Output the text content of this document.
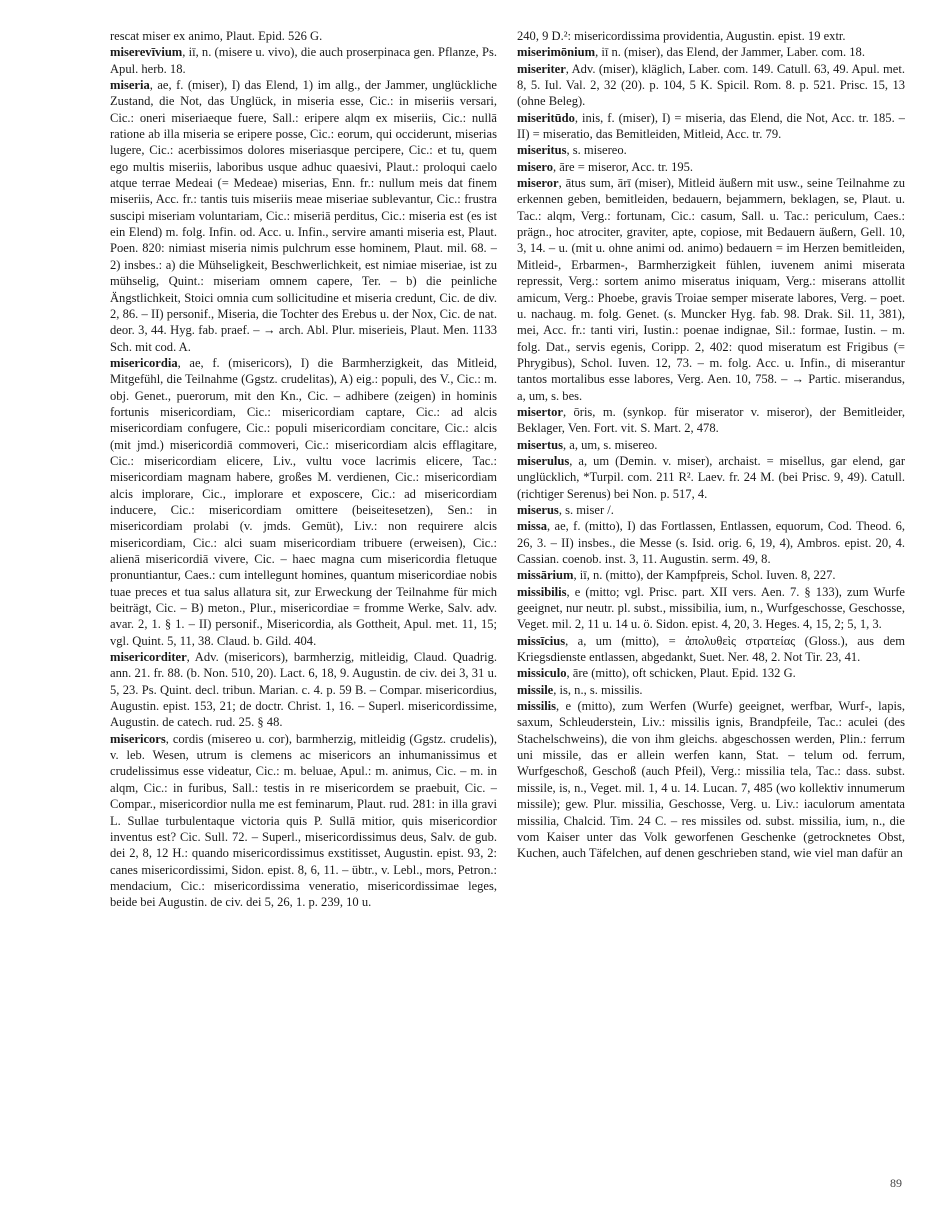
rescat miser ex animo, Plaut. Epid. 526 G.

miserevīvium, iī, n. (misere u. vivo), die auch proserpinaca gen. Pflanze, Ps. Apul. herb. 18.

miseria, ae, f. (miser), I) das Elend, 1) im allg., der Jammer, unglückliche Zustand, die Not, das Unglück, in miseria esse, Cic.: in miseriis versari, Cic.: oneri miseriaeque fuere, Sall.: eripere alqm ex miseriis, Cic.: nullā ratione ab illa miseria se eripere posse, Cic.: eorum, qui occiderunt, miserias lugere, Cic.: acerbissimos dolores miseriasque percipere, Cic.: et tu, quem ego multis miseriis, laboribus usque adhuc quaesivi, Plaut.: proloqui caelo atque terrae Medeai (= Medeae) miserias, Enn. fr.: nullum meis dat finem miseriis, Acc. fr.: tantis tuis miseriis meae miseriae sublevantur, Cic.: frustra suscipi miseriam voluntariam, Cic.: miseriā perditus, Cic.: miseria est (es ist ein Elend) m. folg. Infin. od. Acc. u. Infin., servire amanti miseria est, Plaut. Poen. 820: nimiast miseria nimis pulchrum esse hominem, Plaut. mil. 68. – 2) insbes.: a) die Mühseligkeit, Beschwerlichkeit, est nimiae miseriae, ist zu mühselig, Quint.: miseriam omnem capere, Ter. – b) die peinliche Ängstlichkeit, Stoici omnia cum sollicitudine et miseria credunt, Cic. de div. 2, 86. – II) personif., Miseria, die Tochter des Erebus u. der Nox, Cic. de nat. deor. 3, 44. Hyg. fab. praef. – → arch. Abl. Plur. miserieis, Plaut. Men. 1133 Sch. mit cod. A.

misericordia, ae, f. (misericors), I) die Barmherzigkeit, das Mitleid, Mitgefühl, die Teilnahme (Ggstz. crudelitas), A) eig.: populi, des V., Cic.: m. obj. Genet., puerorum, mit den Kn., Cic. – adhibere (zeigen) in hominis fortunis misericordiam, Cic.: misericordiam captare, Cic.: ad alcis misericordiam confugere, Cic.: populi misericordiam concitare, Cic.: alcis (mit jmd.) misericordiā commoveri, Cic.: misericordiam alcis efflagitare, Cic.: misericordiam elicere, Liv., vultu voce lacrimis elicere, Tac.: misericordiam magnam habere, großes M. verdienen, Cic.: misericordiam alcis implorare, Cic., implorare et exposcere, Cic.: ad misericordiam inducere, Cic.: misericordiam omittere (beiseitesetzen), Sen.: in misericordiam prolabi (v. jmds. Gemüt), Liv.: non requirere alcis misericordiam, Cic.: alci suam misericordiam tribuere (erweisen), Cic.: alienā misericordiā vivere, Cic. – haec magna cum misericordia fletuque pronuntiantur, Caes.: cum intellegunt homines, quantum misericordiae nobis tuae preces et tua salus allatura sit, zur Erweckung der Teilnahme für mich beiträgt, Cic. – B) meton., Plur., misericordiae = fromme Werke, Salv. adv. avar. 2, 1. § 1. – II) personif., Misericordia, als Gottheit, Apul. met. 11, 15; vgl. Quint. 5, 11, 38. Claud. b. Gild. 404.

misericorditer, Adv. (misericors), barmherzig, mitleidig, Claud. Quadrig. ann. 21. fr. 88. (b. Non. 510, 20). Lact. 6, 18, 9. Augustin. de civ. dei 3, 31 u. 5, 23. Ps. Quint. decl. tribun. Marian. c. 4. p. 59 B. – Compar. misericordius, Augustin. epist. 153, 21; de doctr. Christ. 1, 16. – Superl. misericordissime, Augustin. de catech. rud. 25. § 48.

misericors, cordis (misereo u. cor), barmherzig, mitleidig (Ggstz. crudelis), v. leb. Wesen, utrum is clemens ac misericors an inhumanissimus et crudelissimus esse videatur, Cic.: m. beluae, Apul.: m. animus, Cic. – m. in alqm, Cic.: in furibus, Sall.: testis in re misericordem se praebuit, Cic. – Compar., misericordior nulla me est feminarum, Plaut. rud. 281: in illa gravi L. Sullae turbulentaque victoria quis P. Sullā mitior, quis misericordior inventus est? Cic. Sull. 72. – Superl., misericordissimus deus, Salv. de gub. dei 2, 8, 12 H.: quando misericordissimus exstitisset, Augustin. epist. 93, 2: canes misericordissimi, Sidon. epist. 8, 6, 11. – übtr., v. Lebl., mors, Petron.: mendacium, Cic.: misericordissima veneratio, misericordissimae leges, beide bei Augustin. de civ. dei 5, 26, 1. p. 239, 10 u.

240, 9 D.²: misericordissima providentia, Augustin. epist. 19 extr.

miserimōnium, iī n. (miser), das Elend, der Jammer, Laber. com. 18.

miseriter, Adv. (miser), kläglich, Laber. com. 149. Catull. 63, 49. Apul. met. 8, 5. Iul. Val. 2, 32 (20). p. 104, 5 K. Spicil. Rom. 8. p. 521. Prisc. 15, 13 (ohne Beleg).

miseritūdo, inis, f. (miser), I) = miseria, das Elend, die Not, Acc. tr. 185. – II) = miseratio, das Bemitleiden, Mitleid, Acc. tr. 79.

miseritus, s. misereo.

misero, āre = miseror, Acc. tr. 195.

miseror, ātus sum, ārī (miser), Mitleid äußern mit usw., seine Teilnahme zu erkennen geben, bemitleiden, bedauern, bejammern, beklagen, se, Plaut. u. Tac.: alqm, Verg.: fortunam, Cic.: casum, Sall. u. Tac.: periculum, Caes.: prägn., hoc atrociter, graviter, apte, copiose, mit Bedauern äußern, Gell. 10, 3, 14. – u. (mit u. ohne animi od. animo) bedauern = im Herzen bemitleiden, Mitleid-, Erbarmen-, Barmherzigkeit fühlen, iuvenem animi miserata repressit, Verg.: sortem animo miseratus iniquam, Verg.: miserans attollit amicum, Verg.: Phoebe, gravis Troiae semper miserate labores, Verg. – poet. u. nachaug. m. folg. Genet. (s. Muncker Hyg. fab. 98. Drak. Sil. 11, 381), mei, Acc. fr.: tanti viri, Iustin.: poenae indignae, Sil.: formae, Iustin. – m. folg. Dat., servis egenis, Coripp. 2, 402: quod miseratum est Frigibus (= Phrygibus), Schol. Iuven. 12, 73. – m. folg. Acc. u. Infin., di miserantur tantos mortalibus esse labores, Verg. Aen. 10, 758. – → Partic. miserandus, a, um, s. bes.

misertor, ōris, m. (synkop. für miserator v. miseror), der Bemitleider, Beklager, Ven. Fort. vit. S. Mart. 2, 478.

misertus, a, um, s. misereo.

miserulus, a, um (Demin. v. miser), archaist. = misellus, gar elend, gar unglücklich, *Turpil. com. 211 R². Laev. fr. 24 M. (bei Prisc. 9, 49). Catull. (richtiger Serenus) bei Non. p. 517, 4.

miserus, s. miser /.

missa, ae, f. (mitto), I) das Fortlassen, Entlassen, equorum, Cod. Theod. 6, 26, 3. – II) insbes., die Messe (s. Isid. orig. 6, 19, 4), Ambros. epist. 20, 4. Cassian. coenob. inst. 3, 11. Augustin. serm. 49, 8.

missārium, iī, n. (mitto), der Kampfpreis, Schol. Iuven. 8, 227.

missibilis, e (mitto; vgl. Prisc. part. XII vers. Aen. 7. § 133), zum Wurfe geeignet, nur neutr. pl. subst., missibilia, ium, n., Wurfgeschosse, Geschosse, Veget. mil. 2, 11 u. 14 u. ö. Sidon. epist. 4, 20, 3. Heges. 4, 15, 2; 5, 1, 3.

missīcius, a, um (mitto), = ἀπολυθεὶς στρατείας (Gloss.), aus dem Kriegsdienste entlassen, abgedankt, Suet. Ner. 48, 2. Not Tir. 23, 41.

missiculo, āre (mitto), oft schicken, Plaut. Epid. 132 G.

missile, is, n., s. missilis.

missilis, e (mitto), zum Werfen (Wurfe) geeignet, werfbar, Wurf-, lapis, saxum, Schleuderstein, Liv.: missilis ignis, Brandpfeile, Tac.: aculei (des Stachelschweins), die von ihm gleichs. abgeschossen werden, Plin.: ferrum uni missile, das er allein werfen kann, Stat. – telum od. ferrum, Wurfgeschoß, Geschoß (auch Pfeil), Verg.: missilia tela, Tac.: dass. subst. missile, is, n., Veget. mil. 1, 4 u. 14. Lucan. 7, 485 (wo kollektiv innumerum missile); gew. Plur. missilia, Geschosse, Verg. u. Liv.: iaculorum amentata missilia, Chalcid. Tim. 24 C. – res missiles od. subst. missilia, ium, n., die vom Kaiser unter das Volk geworfenen Geschenke (getrocknetes Obst, Kuchen, auch Täfelchen, auf denen geschrieben stand, wie viel man dafür an

89
